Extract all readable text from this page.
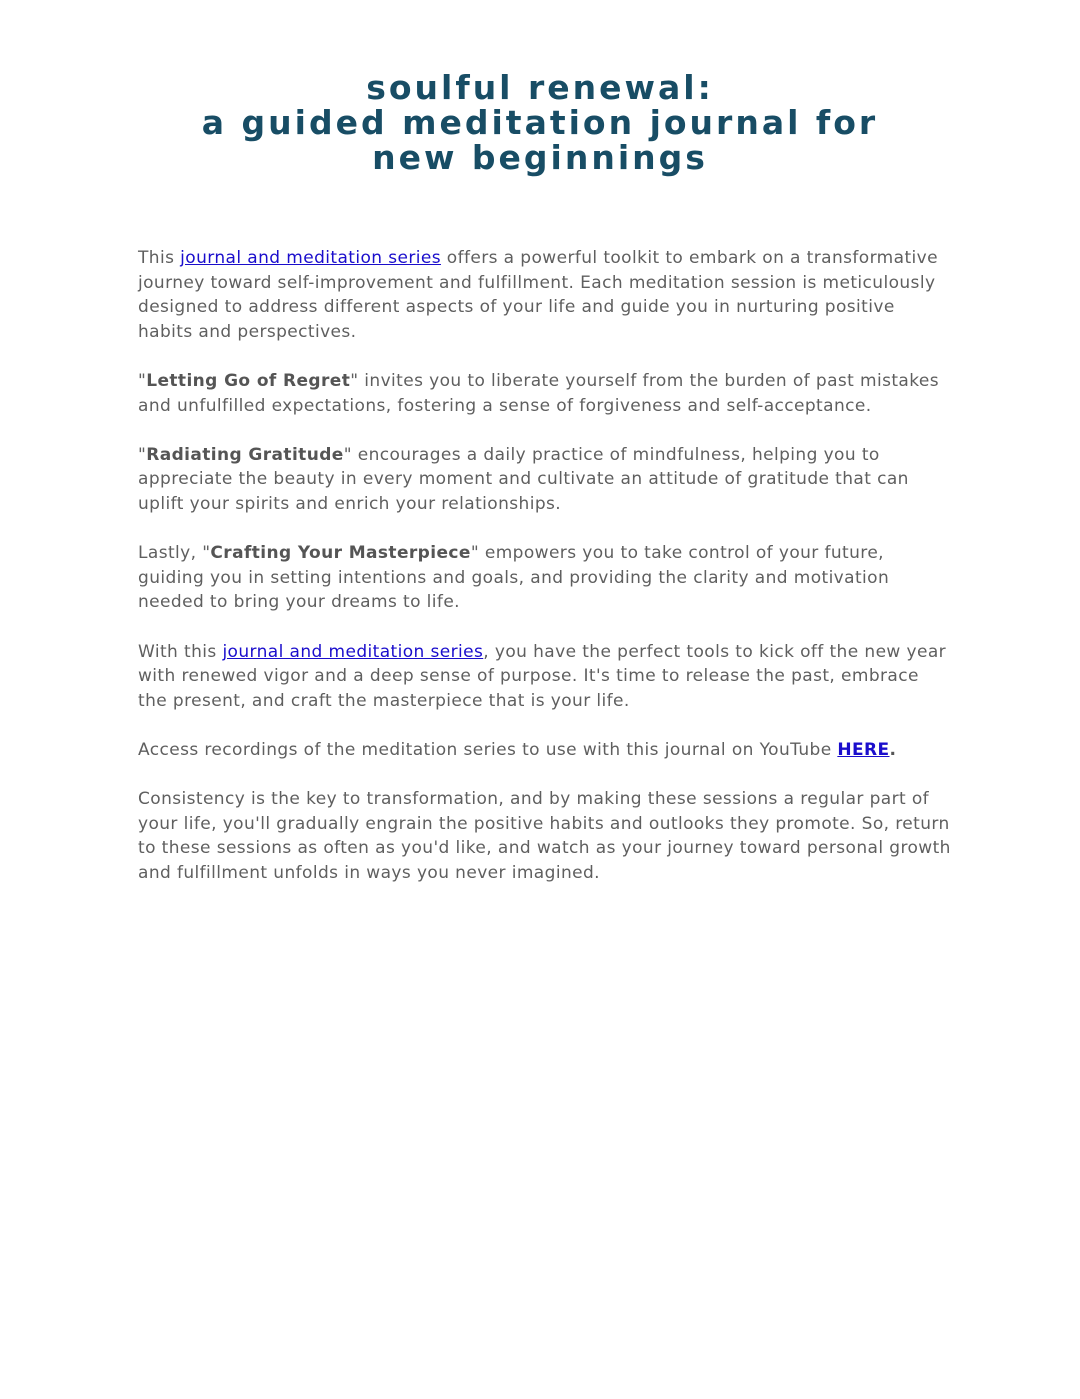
soulful renewal:
a guided meditation journal for
new beginnings

This journal and meditation series offers a powerful toolkit to embark on a transformative journey toward self-improvement and fulfillment. Each meditation session is meticulously designed to address different aspects of your life and guide you in nurturing positive habits and perspectives.

"Letting Go of Regret" invites you to liberate yourself from the burden of past mistakes and unfulfilled expectations, fostering a sense of forgiveness and self-acceptance.

"Radiating Gratitude" encourages a daily practice of mindfulness, helping you to appreciate the beauty in every moment and cultivate an attitude of gratitude that can uplift your spirits and enrich your relationships.

Lastly, "Crafting Your Masterpiece" empowers you to take control of your future, guiding you in setting intentions and goals, and providing the clarity and motivation needed to bring your dreams to life.

With this journal and meditation series, you have the perfect tools to kick off the new year with renewed vigor and a deep sense of purpose. It's time to release the past, embrace the present, and craft the masterpiece that is your life.

Access recordings of the meditation series to use with this journal on YouTube HERE.

Consistency is the key to transformation, and by making these sessions a regular part of your life, you'll gradually engrain the positive habits and outlooks they promote. So, return to these sessions as often as you'd like, and watch as your journey toward personal growth and fulfillment unfolds in ways you never imagined.
